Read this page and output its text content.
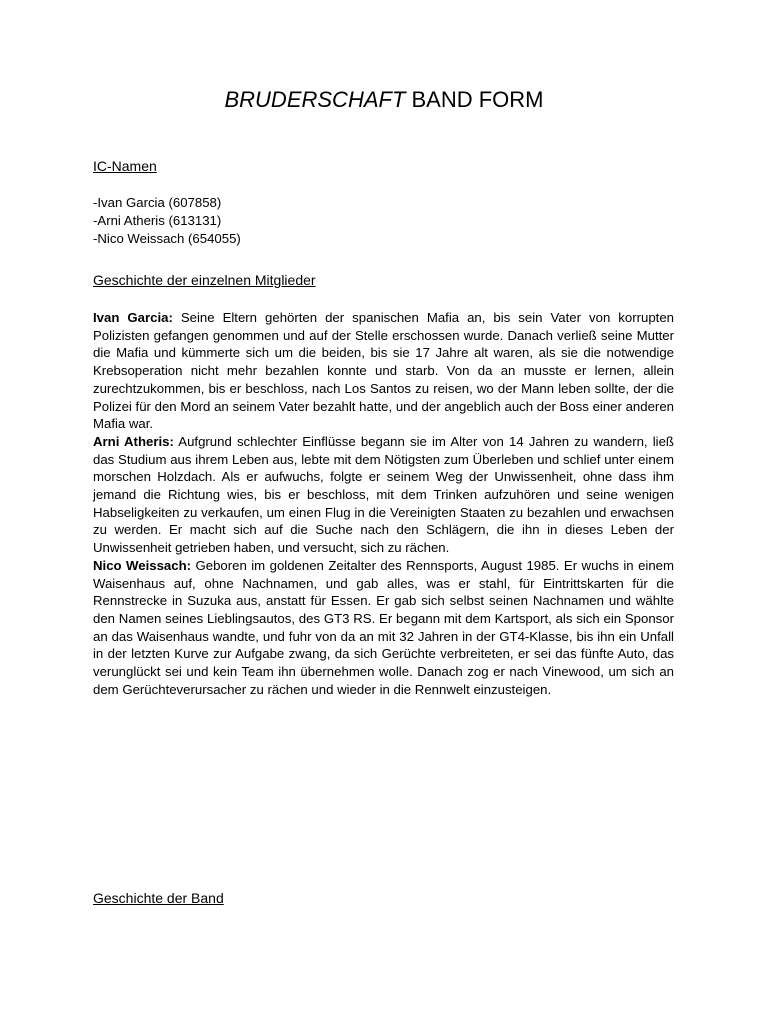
BRUDERSCHAFT BAND FORM
IC-Namen
-Ivan Garcia (607858)
-Arni Atheris (613131)
-Nico Weissach (654055)
Geschichte der einzelnen Mitglieder

Ivan Garcia: Seine Eltern gehörten der spanischen Mafia an, bis sein Vater von korrupten Polizisten gefangen genommen und auf der Stelle erschossen wurde. Danach verließ seine Mutter die Mafia und kümmerte sich um die beiden, bis sie 17 Jahre alt waren, als sie die notwendige Krebsoperation nicht mehr bezahlen konnte und starb. Von da an musste er lernen, allein zurechtzukommen, bis er beschloss, nach Los Santos zu reisen, wo der Mann leben sollte, der die Polizei für den Mord an seinem Vater bezahlt hatte, und der angeblich auch der Boss einer anderen Mafia war.

Arni Atheris: Aufgrund schlechter Einflüsse begann sie im Alter von 14 Jahren zu wandern, ließ das Studium aus ihrem Leben aus, lebte mit dem Nötigsten zum Überleben und schlief unter einem morschen Holzdach. Als er aufwuchs, folgte er seinem Weg der Unwissenheit, ohne dass ihm jemand die Richtung wies, bis er beschloss, mit dem Trinken aufzuhören und seine wenigen Habseligkeiten zu verkaufen, um einen Flug in die Vereinigten Staaten zu bezahlen und erwachsen zu werden. Er macht sich auf die Suche nach den Schlägern, die ihn in dieses Leben der Unwissenheit getrieben haben, und versucht, sich zu rächen.

Nico Weissach: Geboren im goldenen Zeitalter des Rennsports, August 1985. Er wuchs in einem Waisenhaus auf, ohne Nachnamen, und gab alles, was er stahl, für Eintrittskarten für die Rennstrecke in Suzuka aus, anstatt für Essen. Er gab sich selbst seinen Nachnamen und wählte den Namen seines Lieblingsautos, des GT3 RS. Er begann mit dem Kartsport, als sich ein Sponsor an das Waisenhaus wandte, und fuhr von da an mit 32 Jahren in der GT4-Klasse, bis ihn ein Unfall in der letzten Kurve zur Aufgabe zwang, da sich Gerüchte verbreiteten, er sei das fünfte Auto, das verunglückt sei und kein Team ihn übernehmen wolle. Danach zog er nach Vinewood, um sich an dem Gerüchteverursacher zu rächen und wieder in die Rennwelt einzusteigen.

Geschichte der Band
